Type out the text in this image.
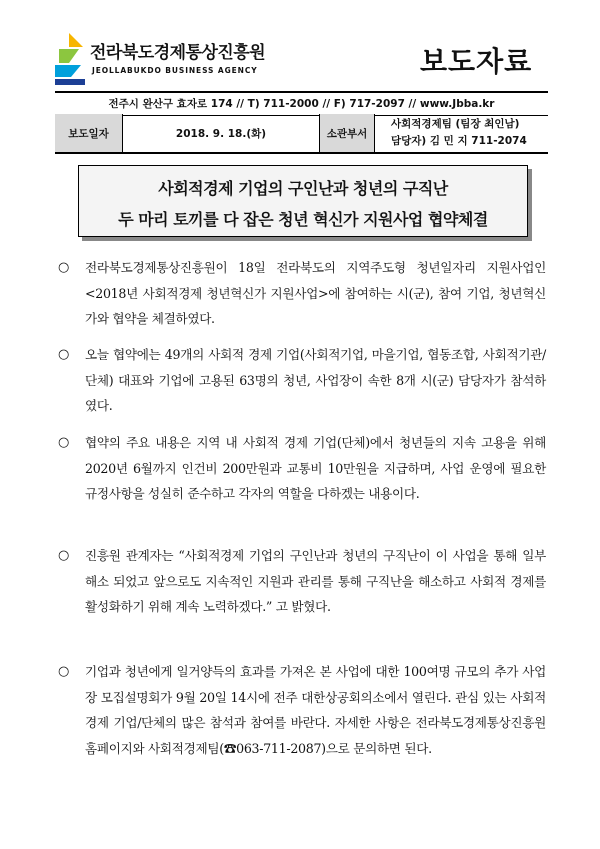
전라북도경제통상진흥원
JEOLLABUKDO BUSINESS AGENCY	보도자료
전주시 완산구 효자로 174 // T) 711-2000 // F) 717-2097 // www.Jbba.kr
보도일자	2018. 9. 18.(화)	소관부서
사회적경제팀 (팀장 최인남)
담당자) 김 민 지 711-2074
사회적경제 기업의 구인난과 청년의 구직난
두 마리 토끼를 다 잡은 청년 혁신가 지원사업 협약체결
○ 전라북도경제통상진흥원이 18일 전라북도의 지역주도형 청년일자리 지원사업인 <2018년 사회적경제 청년혁신가 지원사업>에 참여하는 시(군), 참여 기업, 청년혁신가와 협약을 체결하였다.
○ 오늘 협약에는 49개의 사회적 경제 기업(사회적기업, 마을기업, 협동조합, 사회적기관/단체) 대표와 기업에 고용된 63명의 청년, 사업장이 속한 8개 시(군) 담당자가 참석하였다.
○ 협약의 주요 내용은 지역 내 사회적 경제 기업(단체)에서 청년들의 지속 고용을 위해 2020년 6월까지 인건비 200만원과 교통비 10만원을 지급하며, 사업 운영에 필요한 규정사항을 성실히 준수하고 각자의 역할을 다하겠는 내용이다.
○ 진흥원 관계자는 “사회적경제 기업의 구인난과 청년의 구직난이 이 사업을 통해 일부 해소 되었고 앞으로도 지속적인 지원과 관리를 통해 구직난을 해소하고 사회적 경제를 활성화하기 위해 계속 노력하겠다.” 고 밝혔다.
○ 기업과 청년에게 일거양득의 효과를 가져온 본 사업에 대한 100여명 규모의 추가 사업장 모집설명회가 9월 20일 14시에 전주 대한상공회의소에서 열린다. 관심 있는 사회적 경제 기업/단체의 많은 참석과 참여를 바란다. 자세한 사항은 전라북도경제통상진흥원 홈페이지와 사회적경제팀(☎063-711-2087)으로 문의하면 된다.
